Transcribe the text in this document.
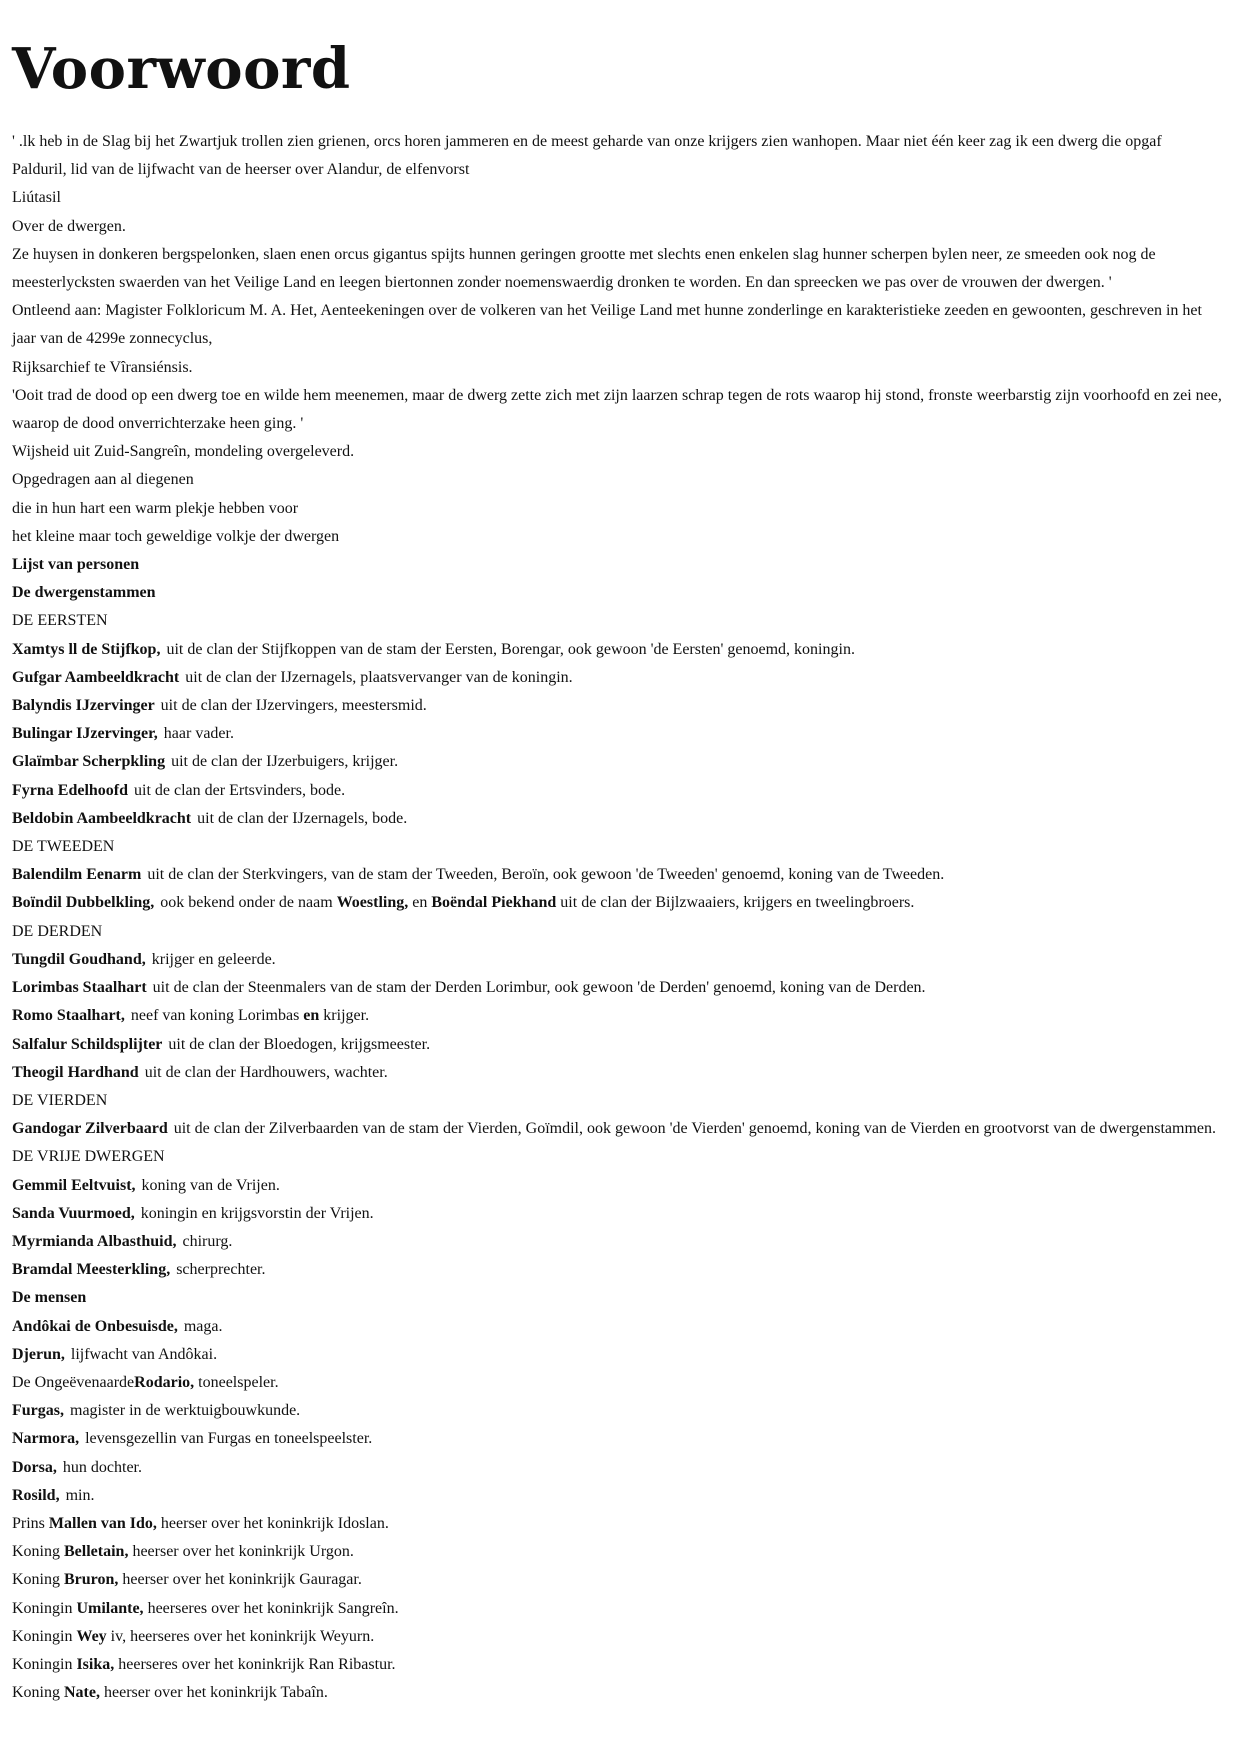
Voorwoord
' .lk heb in de Slag bij het Zwartjuk trollen zien grienen, orcs horen jammeren en de meest geharde van onze krijgers zien wanhopen. Maar niet één keer zag ik een dwerg die opgaf
Palduril, lid van de lijfwacht van de heerser over Alandur, de elfenvorst
Liútasil
Over de dwergen.
Ze huysen in donkeren bergspelonken, slaen enen orcus gigantus spijts hunnen geringen grootte met slechts enen enkelen slag hunner scherpen bylen neer, ze smeeden ook nog de meesterlycksten swaerden van het Veilige Land en leegen biertonnen zonder noemenswaerdig dronken te worden. En dan spreecken we pas over de vrouwen der dwergen. '
Ontleend aan: Magister Folkloricum M. A. Het, Aenteekeningen over de volkeren van het Veilige Land met hunne zonderlinge en karakteristieke zeeden en gewoonten, geschreven in het jaar van de 4299e zonnecyclus,
Rijksarchief te Vîransiénsis.
'Ooit trad de dood op een dwerg toe en wilde hem meenemen, maar de dwerg zette zich met zijn laarzen schrap tegen de rots waarop hij stond, fronste weerbarstig zijn voorhoofd en zei nee, waarop de dood onverrichterzake heen ging. '
Wijsheid uit Zuid-Sangreîn, mondeling overgeleverd.
Opgedragen aan al diegenen
die in hun hart een warm plekje hebben voor
het kleine maar toch geweldige volkje der dwergen
Lijst van personen
De dwergenstammen
DE EERSTEN
Xamtys ll de Stijfkop, uit de clan der Stijfkoppen van de stam der Eersten, Borengar, ook gewoon 'de Eersten' genoemd, koningin.
Gufgar Aambeeldkracht uit de clan der IJzernagels, plaatsvervanger van de koningin.
Balyndis IJzervinger uit de clan der IJzervingers, meestersmid.
Bulingar IJzervinger, haar vader.
Glaïmbar Scherpkling uit de clan der IJzerbuigers, krijger.
Fyrna Edelhoofd uit de clan der Ertsvinders, bode.
Beldobin Aambeeldkracht uit de clan der IJzernagels, bode.
DE TWEEDEN
Balendilm Eenarm uit de clan der Sterkvingers, van de stam der Tweeden, Beroïn, ook gewoon 'de Tweeden' genoemd, koning van de Tweeden.
Boïndil Dubbelkling, ook bekend onder de naam Woestling, en Boëndal Piekhand uit de clan der Bijlzwaaiers, krijgers en tweelingbroers.
DE DERDEN
Tungdil Goudhand, krijger en geleerde.
Lorimbas Staalhart uit de clan der Steenmalers van de stam der Derden Lorimbur, ook gewoon 'de Derden' genoemd, koning van de Derden.
Romo Staalhart, neef van koning Lorimbas en krijger.
Salfalur Schildsplijter uit de clan der Bloedogen, krijgsmeester.
Theogil Hardhand uit de clan der Hardhouwers, wachter.
DE VIERDEN
Gandogar Zilverbaard uit de clan der Zilverbaarden van de stam der Vierden, Goïmdil, ook gewoon 'de Vierden' genoemd, koning van de Vierden en grootvorst van de dwergenstammen.
DE VRIJE DWERGEN
Gemmil Eeltvuist, koning van de Vrijen.
Sanda Vuurmoed, koningin en krijgsvorstin der Vrijen.
Myrmianda Albasthuid, chirurg.
Bramdal Meesterkling, scherprechter.
De mensen
Andôkai de Onbesuisde, maga.
Djerun, lijfwacht van Andôkai.
De OngeëvenaardeRodario, toneelspeler.
Furgas, magister in de werktuigbouwkunde.
Narmora, levensgezellin van Furgas en toneelspeelster.
Dorsa, hun dochter.
Rosild, min.
Prins Mallen van Ido, heerser over het koninkrijk Idoslan.
Koning Belletain, heerser over het koninkrijk Urgon.
Koning Bruron, heerser over het koninkrijk Gauragar.
Koningin Umilante, heerseres over het koninkrijk Sangreîn.
Koningin Wey iv, heerseres over het koninkrijk Weyurn.
Koningin Isika, heerseres over het koninkrijk Ran Ribastur.
Koning Nate, heerser over het koninkrijk Tabaîn.
